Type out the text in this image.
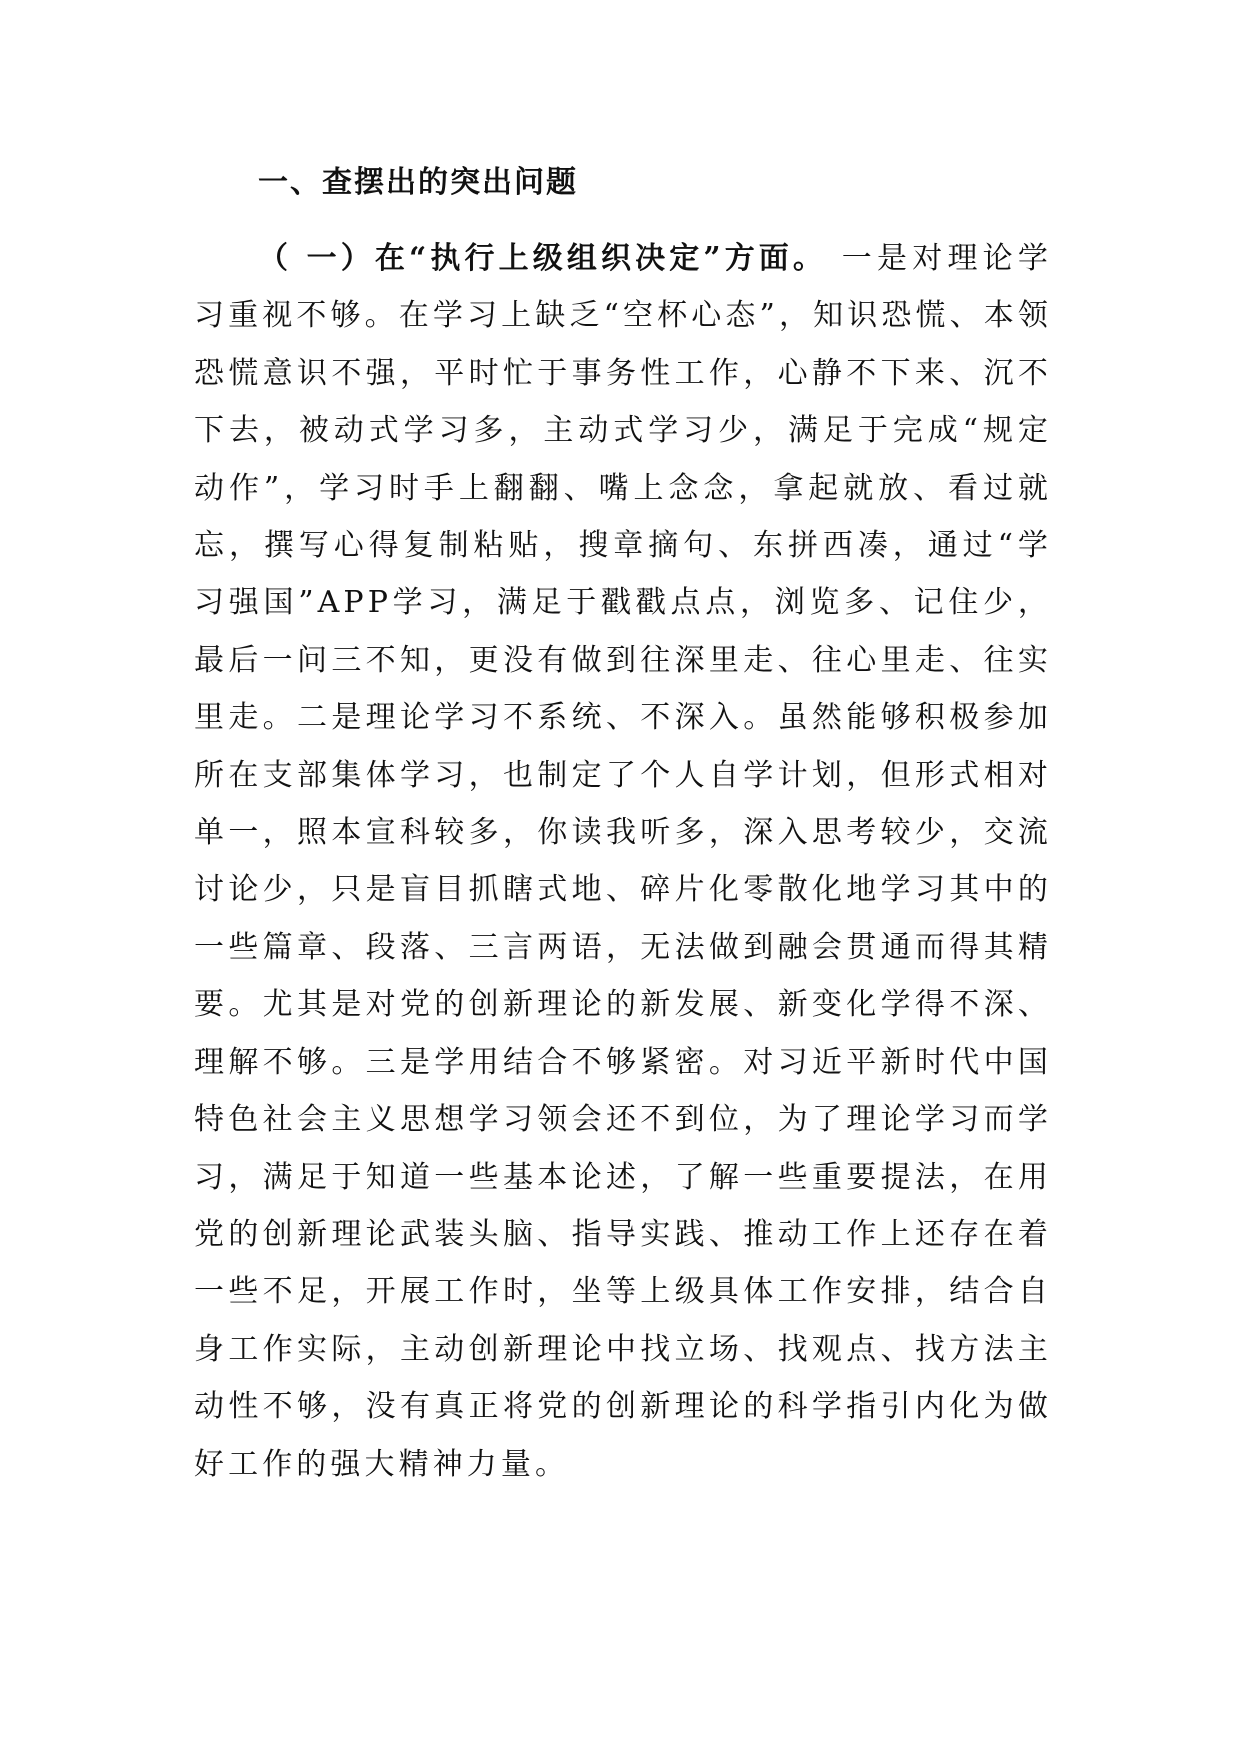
一、查摆出的突出问题

（ 一）在“执行上级组织决定”方面。 一是对理论学习重视不够。在学习上缺乏“空杯心态”，知识恐慌、本领恐慌意识不强，平时忙于事务性工作，心静不下来、沉不下去，被动式学习多，主动式学习少，满足于完成“规定动作”，学习时手上翻翻、嘴上念念，拿起就放、看过就忘，撰写心得复制粘贴，搜章摘句、东拼西凑，通过“学习强国”APP学习，满足于戳戳点点，浏览多、记住少，最后一问三不知，更没有做到往深里走、往心里走、往实里走。二是理论学习不系统、不深入。虽然能够积极参加所在支部集体学习，也制定了个人自学计划，但形式相对单一，照本宣科较多，你读我听多，深入思考较少，交流讨论少，只是盲目抓瞎式地、碎片化零散化地学习其中的一些篇章、段落、三言两语，无法做到融会贯通而得其精要。尤其是对党的创新理论的新发展、新变化学得不深、理解不够。三是学用结合不够紧密。对习近平新时代中国特色社会主义思想学习领会还不到位，为了理论学习而学习，满足于知道一些基本论述，了解一些重要提法，在用党的创新理论武装头脑、指导实践、推动工作上还存在着一些不足，开展工作时，坐等上级具体工作安排，结合自身工作实际，主动创新理论中找立场、找观点、找方法主动性不够，没有真正将党的创新理论的科学指引内化为做好工作的强大精神力量。
